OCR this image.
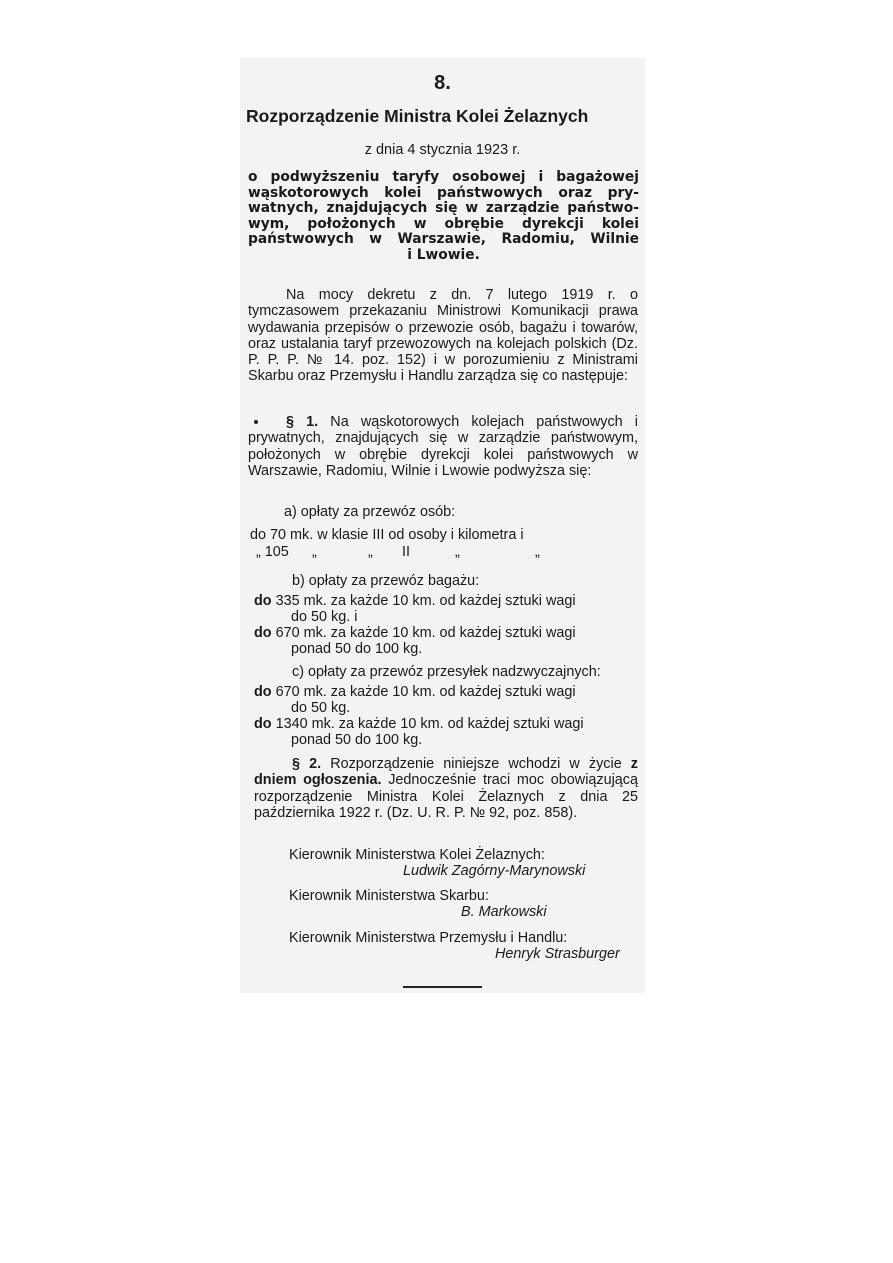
8.
Rozporządzenie Ministra Kolei Żelaznych
z dnia 4 stycznia 1923 r.
o podwyższeniu taryfy osobowej i bagażowej
wąskotorowych kolei państwowych oraz pry-
watnych, znajdujących się w zarządzie państwo-
wym, położonych w obrębie dyrekcji kolei
państwowych w Warszawie, Radomiu, Wilnie
i Lwowie.
Na mocy dekretu z dn. 7 lutego 1919 r. o tymczasowem przekazaniu Ministrowi Komunikacji prawa wydawania przepisów o przewozie osób, bagażu i towarów, oraz ustalania taryf przewozowych na kolejach polskich (Dz. P. P. P. № 14. poz. 152) i w porozumieniu z Ministrami Skarbu oraz Przemysłu i Handlu zarządza się co następuje:
§ 1. Na wąskotorowych kolejach państwowych i prywatnych, znajdujących się w zarządzie państwowym, położonych w obrębie dyrekcji kolei państwowych w Warszawie, Radomiu, Wilnie i Lwowie podwyższa się:
a) opłaty za przewóz osób:
do 70 mk. w klasie III od osoby i kilometra i
„ 105 „	„ II	„	„
b) opłaty za przewóz bagażu:
do 335 mk. za każde 10 km. od każdej sztuki wagi
do 50 kg. i
do 670 mk. za każde 10 km. od każdej sztuki wagi
ponad 50 do 100 kg.
c) opłaty za przewóz przesyłek nadzwyczajnych:
do 670 mk. za każde 10 km. od każdej sztuki wagi
do 50 kg.
do 1340 mk. za każde 10 km. od każdej sztuki wagi
ponad 50 do 100 kg.
§ 2. Rozporządzenie niniejsze wchodzi w życie z dniem ogłoszenia. Jednocześnie traci moc obowiązującą rozporządzenie Ministra Kolei Żelaznych z dnia 25 października 1922 r. (Dz. U. R. P. № 92, poz. 858).
Kierownik Ministerstwa Kolei Żelaznych:
Ludwik Zagórny-Marynowski
Kierownik Ministerstwa Skarbu:
B. Markowski
Kierownik Ministerstwa Przemysłu i Handlu:
Henryk Strasburger
